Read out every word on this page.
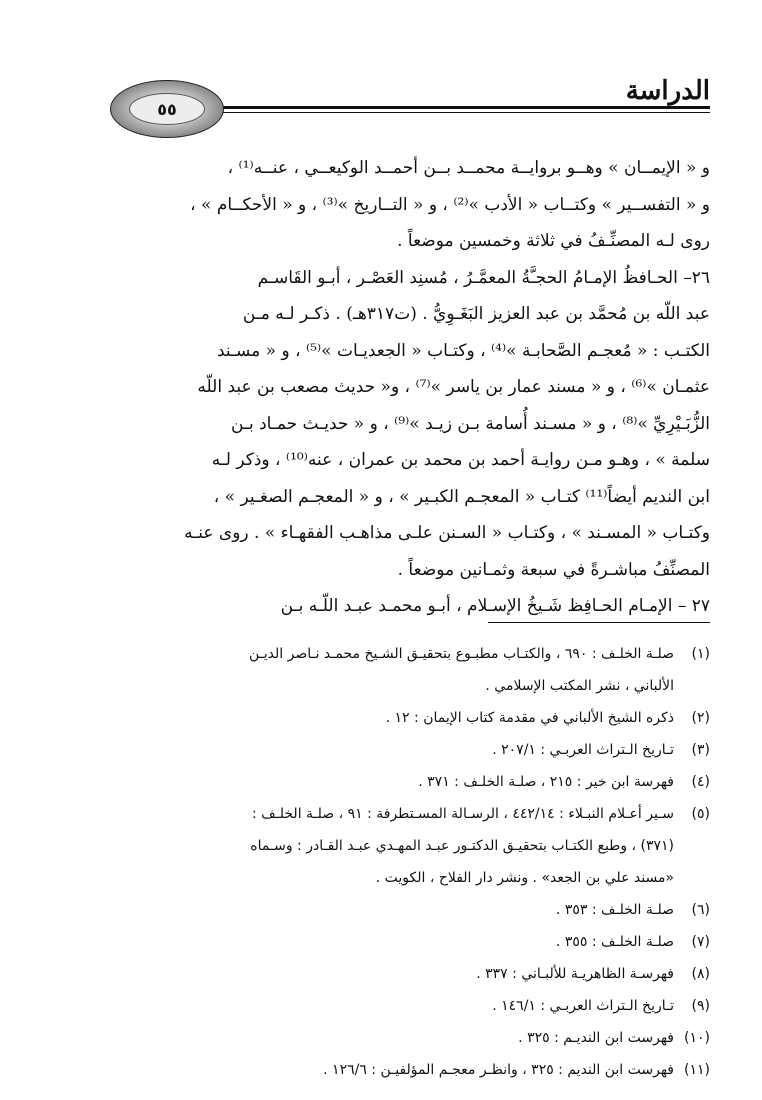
الدراسة
٥٥

و « الإيمــان » وهــو بروايــة محمــد بــن أحمــد الوكيعــي ، عنــه⁽¹⁾ ،
و « التفســير » وكتــاب « الأدب »⁽²⁾ ، و « التــاريخ »⁽³⁾ ، و « الأحكــام » ،
روى لـه المصنِّـفُ في ثلاثة وخمسين موضعاً .

٢٦– الحـافظُ الإمـامُ الحجـَّةُ المعمَّـرُ ، مُسنِد العَصْـر ، أبـو القَاسـم
عبد اللّه بن مُحمَّد بن عبد العزيز البَغَـوِيُّ . (ت٣١٧هـ) . ذكـر لـه مـن
الكتـب : « مُعجـم الصَّحابـة »⁽⁴⁾ ، وكتـاب « الجعديـات »⁽⁵⁾ ، و « مسـند
عثمـان »⁽⁶⁾ ، و « مسند عمار بن ياسر »⁽⁷⁾ ، و« حديث مصعب بن عبد اللّه
الزُّبَـيْرِيِّ »⁽⁸⁾ ، و « مسـند أُسامة بـن زيـد »⁽⁹⁾ ، و « حديـث حمـاد بـن
سلمة » ، وهـو مـن روايـة أحمد بن محمد بن عمران ، عنه⁽¹⁰⁾ ، وذكر لـه
ابن النديم أيضاً⁽¹¹⁾ كتـاب « المعجـم الكبـير » ، و « المعجـم الصغـير » ،
وكتـاب « المسـند » ، وكتـاب « السـنن علـى مذاهـب الفقهـاء » . روى عنـه
المصنِّفُ مباشـرةً في سبعة وثمـانين موضعاً .

٢٧ – الإمـام الحـافِظ شَـيخُ الإسـلام ، أبـو محمـد عبـد اللّـه بـن

(١)
صلـة الخلـف : ٦٩٠ ، والكتـاب مطبـوع بتحقيـق الشـيخ محمـد نـاصر الديـن
الألباني ، نشر المكتب الإسلامي .
(٢)
ذكره الشيخ الألباني في مقدمة كتاب الإيمان : ١٢ .
(٣)
تـاريخ الـتراث العربـي : ٢٠٧/١ .
(٤)
فهرسة ابن خير : ٢١٥ ، صلـة الخلـف : ٣٧١ .
(٥)
سـير أعـلام النبـلاء : ٤٤٢/١٤ ، الرسـالة المسـتطرفة : ٩١ ، صلـة الخلـف :
(٣٧١) ، وطبع الكتـاب بتحقيـق الدكتـور عبـد المهـدي عبـد القـادر : وسـماه
«مسند علي بن الجعد» . ونشر دار الفلاح ، الكويت .
(٦)
صلـة الخلـف : ٣٥٣ .
(٧)
صلـة الخلـف : ٣٥٥ .
(٨)
فهرسـة الظاهريـة للألبـاني : ٣٣٧ .
(٩)
تـاريخ الـتراث العربـي : ١٤٦/١ .
(١٠)
فهرست ابن النديـم : ٣٢٥ .
(١١)
فهرست ابن النديم : ٣٢٥ ، وانظـر معجـم المؤلفيـن : ١٢٦/٦ .
